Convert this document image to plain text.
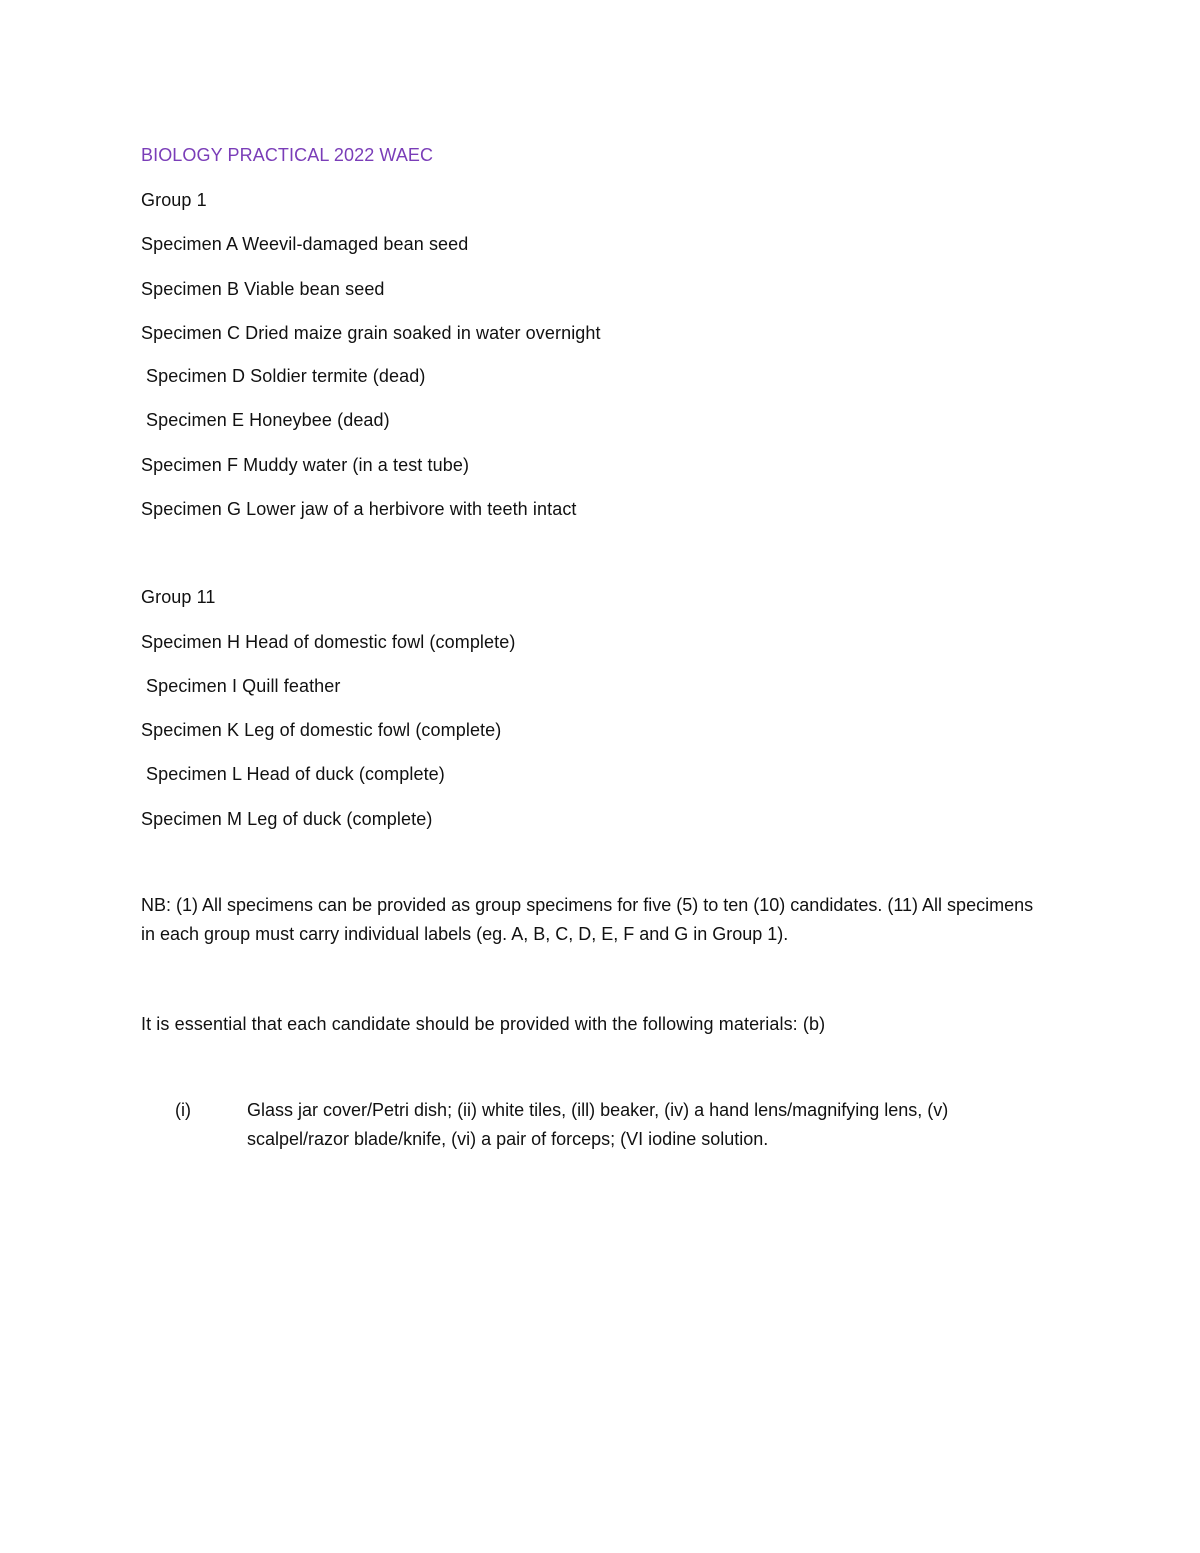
BIOLOGY PRACTICAL 2022 WAEC
Group 1
Specimen A Weevil-damaged bean seed
Specimen B Viable bean seed
Specimen C Dried maize grain soaked in water overnight
Specimen D Soldier termite (dead)
Specimen E Honeybee (dead)
Specimen F Muddy water (in a test tube)
Specimen G Lower jaw of a herbivore with teeth intact
Group 11
Specimen H Head of domestic fowl (complete)
Specimen I Quill feather
Specimen K Leg of domestic fowl (complete)
Specimen L Head of duck (complete)
Specimen M Leg of duck (complete)
NB: (1) All specimens can be provided as group specimens for five (5) to ten (10) candidates. (11) All specimens in each group must carry individual labels (eg. A, B, C, D, E, F and G in Group 1).
It is essential that each candidate should be provided with the following materials: (b)
(i)	Glass jar cover/Petri dish; (ii) white tiles, (ill) beaker, (iv) a hand lens/magnifying lens, (v) scalpel/razor blade/knife, (vi) a pair of forceps; (VI iodine solution.
